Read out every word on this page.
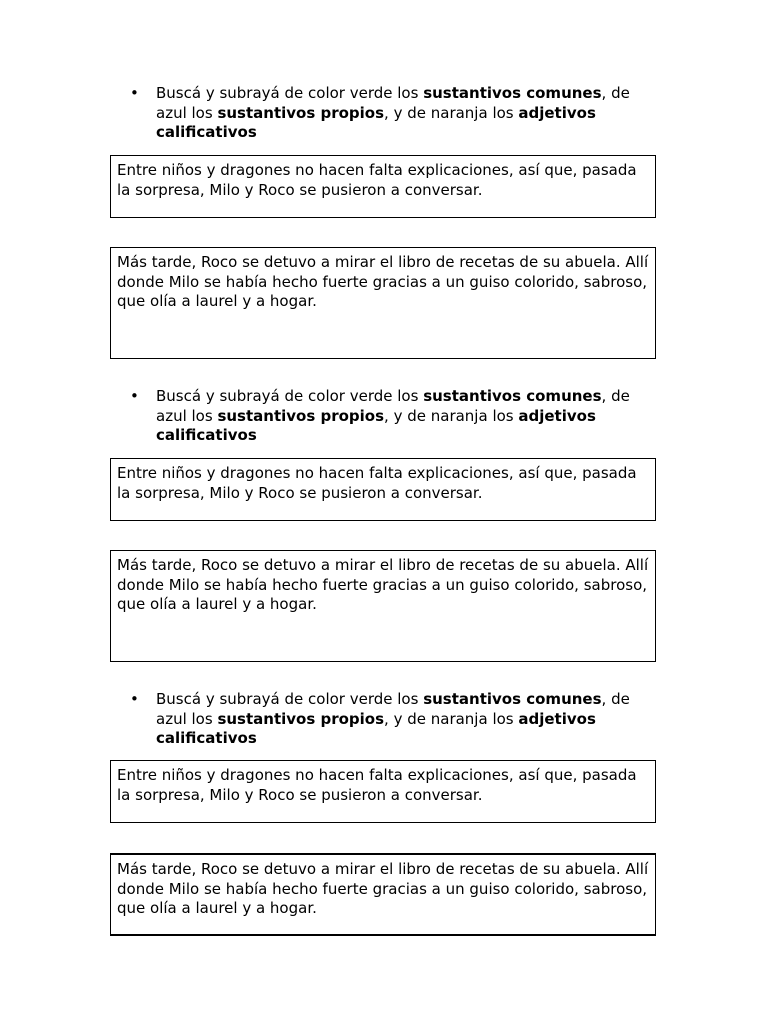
• Buscá y subrayá de color verde los sustantivos comunes, de azul los sustantivos propios, y de naranja los adjetivos calificativos

Entre niños y dragones no hacen falta explicaciones, así que, pasada la sorpresa, Milo y Roco se pusieron a conversar.

Más tarde, Roco se detuvo a mirar el libro de recetas de su abuela. Allí donde Milo se había hecho fuerte gracias a un guiso colorido, sabroso, que olía a laurel y a hogar.

• Buscá y subrayá de color verde los sustantivos comunes, de azul los sustantivos propios, y de naranja los adjetivos calificativos

Entre niños y dragones no hacen falta explicaciones, así que, pasada la sorpresa, Milo y Roco se pusieron a conversar.

Más tarde, Roco se detuvo a mirar el libro de recetas de su abuela. Allí donde Milo se había hecho fuerte gracias a un guiso colorido, sabroso, que olía a laurel y a hogar.

• Buscá y subrayá de color verde los sustantivos comunes, de azul los sustantivos propios, y de naranja los adjetivos calificativos

Entre niños y dragones no hacen falta explicaciones, así que, pasada la sorpresa, Milo y Roco se pusieron a conversar.

Más tarde, Roco se detuvo a mirar el libro de recetas de su abuela. Allí donde Milo se había hecho fuerte gracias a un guiso colorido, sabroso, que olía a laurel y a hogar.
